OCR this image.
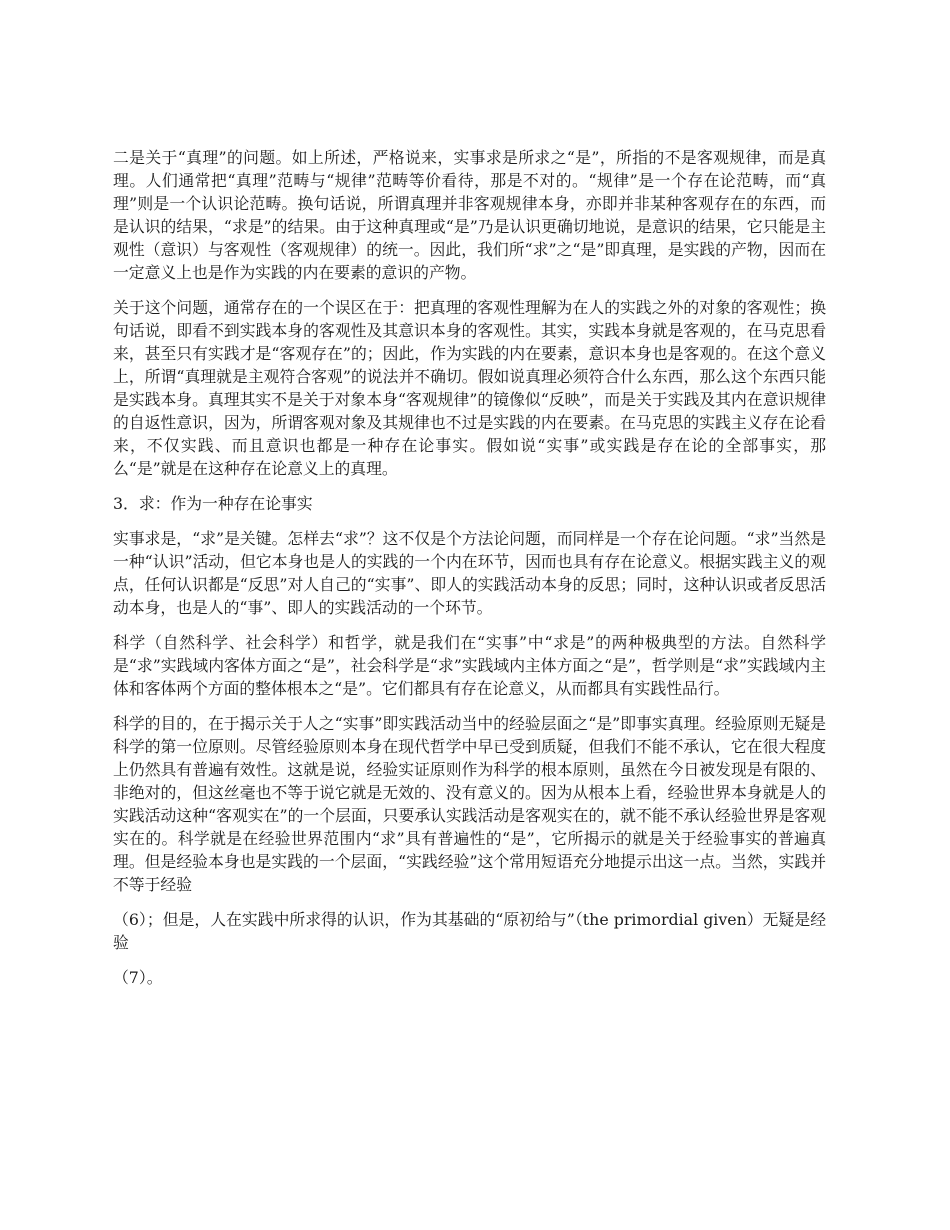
二是关于“真理”的问题。如上所述，严格说来，实事求是所求之“是”，所指的不是客观规律，而是真理。人们通常把“真理”范畴与“规律”范畴等价看待，那是不对的。“规律”是一个存在论范畴，而“真理”则是一个认识论范畴。换句话说，所谓真理并非客观规律本身，亦即并非某种客观存在的东西，而是认识的结果，“求是”的结果。由于这种真理或“是”乃是认识更确切地说，是意识的结果，它只能是主观性（意识）与客观性（客观规律）的统一。因此，我们所“求”之“是”即真理，是实践的产物，因而在一定意义上也是作为实践的内在要素的意识的产物。

关于这个问题，通常存在的一个误区在于：把真理的客观性理解为在人的实践之外的对象的客观性；换句话说，即看不到实践本身的客观性及其意识本身的客观性。其实，实践本身就是客观的，在马克思看来，甚至只有实践才是“客观存在”的；因此，作为实践的内在要素，意识本身也是客观的。在这个意义上，所谓“真理就是主观符合客观”的说法并不确切。假如说真理必须符合什么东西，那么这个东西只能是实践本身。真理其实不是关于对象本身“客观规律”的镜像似“反映”，而是关于实践及其内在意识规律的自返性意识，因为，所谓客观对象及其规律也不过是实践的内在要素。在马克思的实践主义存在论看来，不仅实践、而且意识也都是一种存在论事实。假如说“实事”或实践是存在论的全部事实，那么“是”就是在这种存在论意义上的真理。

3．求：作为一种存在论事实

实事求是，“求”是关键。怎样去“求”？这不仅是个方法论问题，而同样是一个存在论问题。“求”当然是一种“认识”活动，但它本身也是人的实践的一个内在环节，因而也具有存在论意义。根据实践主义的观点，任何认识都是“反思”对人自己的“实事”、即人的实践活动本身的反思；同时，这种认识或者反思活动本身，也是人的“事”、即人的实践活动的一个环节。

科学（自然科学、社会科学）和哲学，就是我们在“实事”中“求是”的两种极典型的方法。自然科学是“求”实践域内客体方面之“是”，社会科学是“求”实践域内主体方面之“是”，哲学则是“求”实践域内主体和客体两个方面的整体根本之“是”。它们都具有存在论意义，从而都具有实践性品行。

科学的目的，在于揭示关于人之“实事”即实践活动当中的经验层面之“是”即事实真理。经验原则无疑是科学的第一位原则。尽管经验原则本身在现代哲学中早已受到质疑，但我们不能不承认，它在很大程度上仍然具有普遍有效性。这就是说，经验实证原则作为科学的根本原则，虽然在今日被发现是有限的、非绝对的，但这丝毫也不等于说它就是无效的、没有意义的。因为从根本上看，经验世界本身就是人的实践活动这种“客观实在”的一个层面，只要承认实践活动是客观实在的，就不能不承认经验世界是客观实在的。科学就是在经验世界范围内“求”具有普遍性的“是”，它所揭示的就是关于经验事实的普遍真理。但是经验本身也是实践的一个层面，“实践经验”这个常用短语充分地提示出这一点。当然，实践并不等于经验

（6）；但是，人在实践中所求得的认识，作为其基础的“原初给与”（the primordial given）无疑是经验

（7）。
